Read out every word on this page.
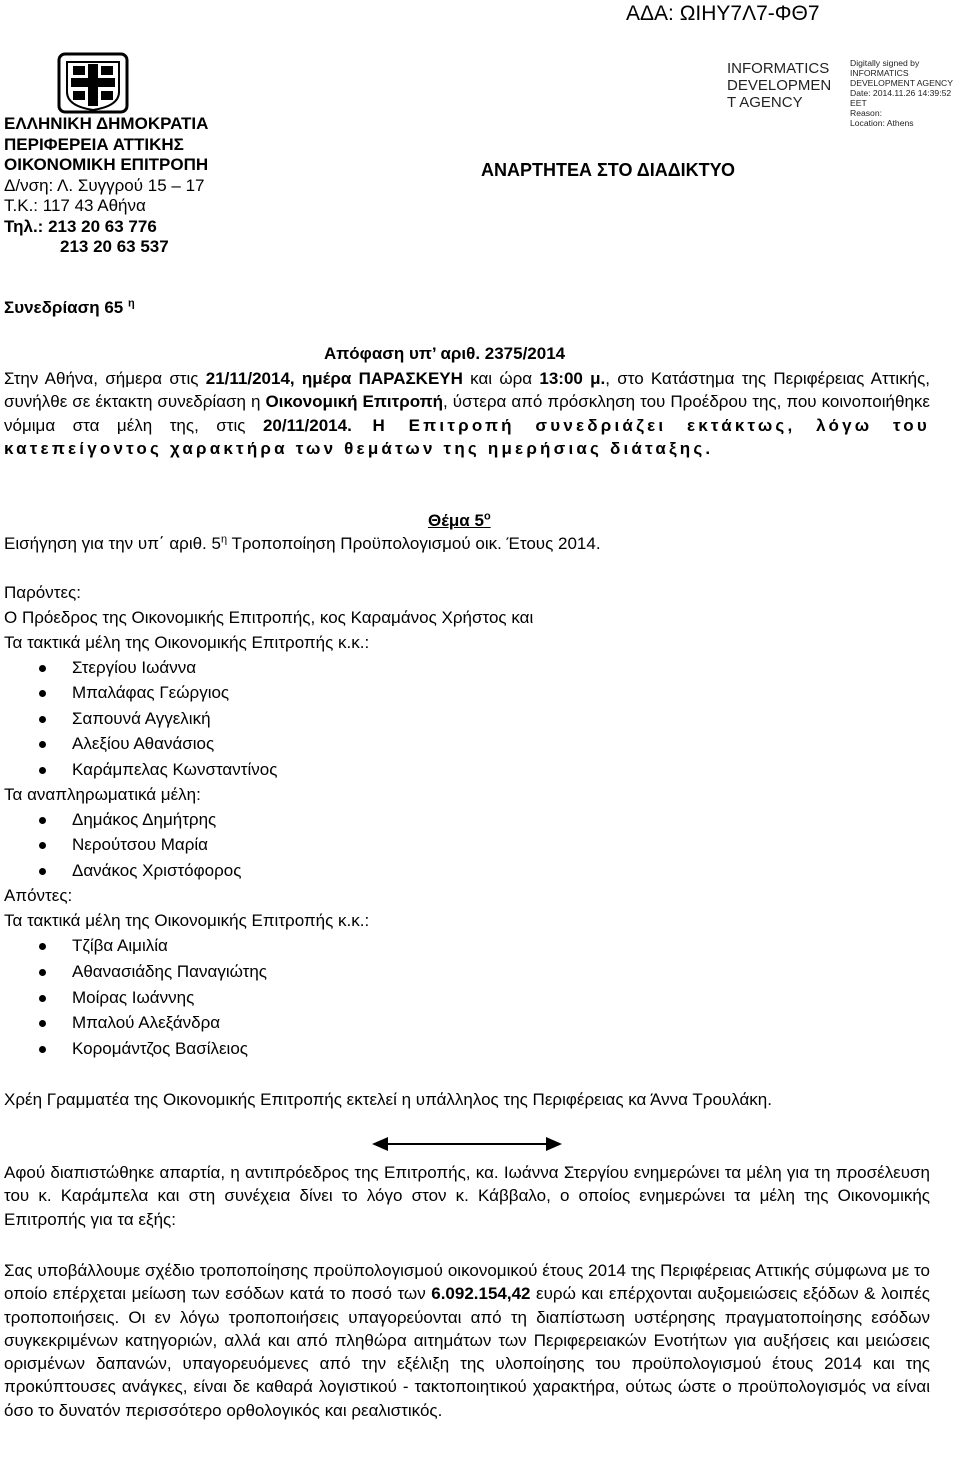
ΑΔΑ: ΩΙΗΥ7Λ7-ΦΘ7
ΕΛΛΗΝΙΚΗ ΔΗΜΟΚΡΑΤΙΑ
ΠΕΡΙΦΕΡΕΙΑ ΑΤΤΙΚΗΣ
ΟΙΚΟΝΟΜΙΚΗ ΕΠΙΤΡΟΠΗ
Δ/νση: Λ. Συγγρού 15 – 17
Τ.Κ.: 117 43 Αθήνα
Τηλ.: 213 20 63 776
213 20 63 537
INFORMATICS
DEVELOPMEN
T AGENCY
Digitally signed by
INFORMATICS
DEVELOPMENT AGENCY
Date: 2014.11.26 14:39:52
EET
Reason:
Location: Athens
ΑΝΑΡΤΗΤΕΑ ΣΤΟ ΔΙΑΔΙΚΤΥΟ
Συνεδρίαση 65 $^\eta$
Απόφαση υπ’ αριθ. 2375/2014
Στην Αθήνα, σήμερα στις 21/11/2014, ημέρα ΠΑΡΑΣΚΕΥΗ και ώρα 13:00 μ., στο Κατάστημα της Περιφέρειας Αττικής, συνήλθε σε έκτακτη συνεδρίαση η Οικονομική Επιτροπή, ύστερα από πρόσκληση του Προέδρου της, που κοινοποιήθηκε νόμιμα στα μέλη της, στις 20/11/2014. Η Επιτροπή συνεδριάζει εκτάκτως, λόγω του κατεπείγοντος χαρακτήρα των θεμάτων της ημερήσιας διάταξης.
Θέμα $5^o$
Εισήγηση για την υπ΄ αριθ. $5^\eta$ Τροποποίηση Προϋπολογισμού οικ. Έτους 2014.
Παρόντες:
Ο Πρόεδρος της Οικονομικής Επιτροπής, κος Καραμάνος Χρήστος και
Τα τακτικά μέλη της Οικονομικής Επιτροπής κ.κ.:
Στεργίου Ιωάννα
Μπαλάφας Γεώργιος
Σαπουνά Αγγελική
Αλεξίου Αθανάσιος
Καράμπελας Κωνσταντίνος
Τα αναπληρωματικά μέλη:
Δημάκος Δημήτρης
Νερούτσου Μαρία
Δανάκος Χριστόφορος
Απόντες:
Τα τακτικά μέλη της Οικονομικής Επιτροπής κ.κ.:
Τζίβα Αιμιλία
Αθανασιάδης Παναγιώτης
Μοίρας Ιωάννης
Μπαλού Αλεξάνδρα
Κορομάντζος Βασίλειος
Χρέη Γραμματέα της Οικονομικής Επιτροπής εκτελεί η υπάλληλος της Περιφέρειας κα Άννα Τρουλάκη.
Αφού διαπιστώθηκε απαρτία, η αντιπρόεδρος της Επιτροπής, κα. Ιωάννα Στεργίου ενημερώνει τα μέλη για τη προσέλευση του κ. Καράμπελα και στη συνέχεια δίνει το λόγο στον κ. Κάββαλο, ο οποίος ενημερώνει τα μέλη της Οικονομικής Επιτροπής για τα εξής:
Σας υποβάλλουμε σχέδιο τροποποίησης προϋπολογισμού οικονομικού έτους 2014 της Περιφέρειας Αττικής σύμφωνα με το οποίο επέρχεται μείωση των εσόδων κατά το ποσό των 6.092.154,42 ευρώ και επέρχονται αυξομειώσεις εξόδων & λοιπές τροποποιήσεις. Οι εν λόγω τροποποιήσεις υπαγορεύονται από τη διαπίστωση υστέρησης πραγματοποίησης εσόδων συγκεκριμένων κατηγοριών, αλλά και από πληθώρα αιτημάτων των Περιφερειακών Ενοτήτων για αυξήσεις και μειώσεις ορισμένων δαπανών, υπαγορευόμενες από την εξέλιξη της υλοποίησης του προϋπολογισμού έτους 2014 και της προκύπτουσες ανάγκες, είναι δε καθαρά λογιστικού - τακτοποιητικού χαρακτήρα, ούτως ώστε ο προϋπολογισμός να είναι όσο το δυνατόν περισσότερο ορθολογικός και ρεαλιστικός.
